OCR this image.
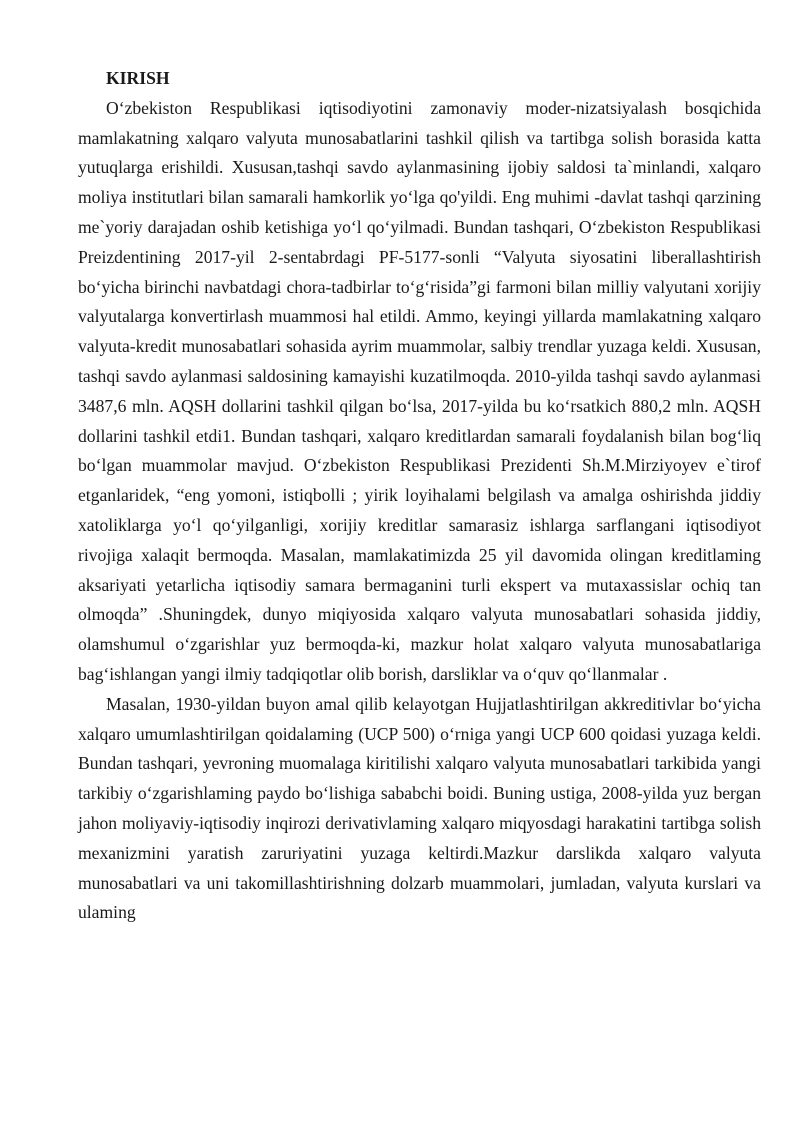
KIRISH

O‘zbekiston Respublikasi iqtisodiyotini zamonaviy moder-nizatsiyalash bosqichida mamlakatning xalqaro valyuta munosabatlarini tashkil qilish va tartibga solish borasida katta yutuqlarga erishildi. Xususan,tashqi savdo aylanmasining ijobiy saldosi ta`minlandi, xalqaro moliya institutlari bilan samarali hamkorlik yo‘lga qo'yildi. Eng muhimi -davlat tashqi qarzining me`yoriy darajadan oshib ketishiga yo‘l qo‘yilmadi. Bundan tashqari, O‘zbekiston Respublikasi Preizdentining 2017-yil 2-sentabrdagi PF-5177-sonli “Valyuta siyosatini liberallashtirish bo‘yicha birinchi navbatdagi chora-tadbirlar to‘g‘risida”gi farmoni bilan milliy valyutani xorijiy valyutalarga konvertirlash muammosi hal etildi. Ammo, keyingi yillarda mamlakatning xalqaro valyuta-kredit munosabatlari sohasida ayrim muammolar, salbiy trendlar yuzaga keldi. Xususan, tashqi savdo aylanmasi saldosining kamayishi kuzatilmoqda. 2010-yilda tashqi savdo aylanmasi 3487,6 mln. AQSH dollarini tashkil qilgan bo‘lsa, 2017-yilda bu ko‘rsatkich 880,2 mln. AQSH dollarini tashkil etdi1. Bundan tashqari, xalqaro kreditlardan samarali foydalanish bilan bog‘liq bo‘lgan muammolar mavjud. O‘zbekiston Respublikasi Prezidenti Sh.M.Mirziyoyev e`tirof etganlaridek, “eng yomoni, istiqbolli ; yirik loyihalami belgilash va amalga oshirishda jiddiy xatoliklarga yo‘l qo‘yilganligi, xorijiy kreditlar samarasiz ishlarga sarflangani iqtisodiyot rivojiga xalaqit bermoqda. Masalan, mamlakatimizda 25 yil davomida olingan kreditlaming aksariyati yetarlicha iqtisodiy samara bermaganini turli ekspert va mutaxassislar ochiq tan olmoqda” .Shuningdek, dunyo miqiyosida xalqaro valyuta munosabatlari sohasida jiddiy, olamshumul o‘zgarishlar yuz bermoqda-ki, mazkur holat xalqaro valyuta munosabatlariga bag‘ishlangan yangi ilmiy tadqiqotlar olib borish, darsliklar va o‘quv qo‘llanmalar .

Masalan, 1930-yildan buyon amal qilib kelayotgan Hujjatlashtirilgan akkreditivlar bo‘yicha xalqaro umumlashtirilgan qoidalaming (UCP 500) o‘rniga yangi UCP 600 qoidasi yuzaga keldi. Bundan tashqari, yevroning muomalaga kiritilishi xalqaro valyuta munosabatlari tarkibida yangi tarkibiy o‘zgarishlaming paydo bo‘lishiga sababchi boidi. Buning ustiga, 2008-yilda yuz bergan jahon moliyaviy-iqtisodiy inqirozi derivativlaming xalqaro miqyosdagi harakatini tartibga solish mexanizmini yaratish zaruriyatini yuzaga keltirdi.Mazkur darslikda xalqaro valyuta munosabatlari va uni takomillashtirishning dolzarb muammolari, jumladan, valyuta kurslari va ulaming
